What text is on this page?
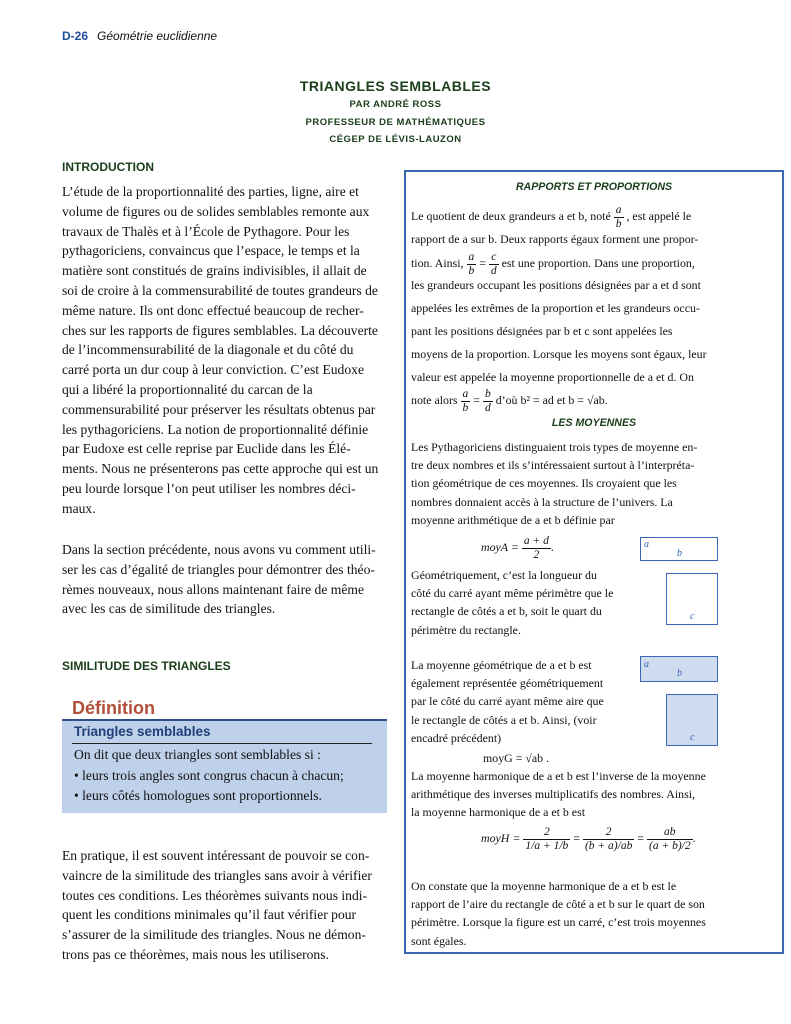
D-26 Géométrie euclidienne
TRIANGLES SEMBLABLES
PAR ANDRÉ ROSS
PROFESSEUR DE MATHÉMATIQUES
CÉGEP DE LÉVIS-LAUZON
INTRODUCTION
L’étude de la proportionnalité des parties, ligne, aire et
volume de figures ou de solides semblables remonte aux
travaux de Thalès et à l’École de Pythagore. Pour les
pythagoriciens, convaincus que l’espace, le temps et la
matière sont constitués de grains indivisibles, il allait de
soi de croire à la commensurabilité de toutes grandeurs de
même nature. Ils ont donc effectué beaucoup de recher-
ches sur les rapports de figures semblables. La découverte
de l’incommensurabilité de la diagonale et du côté du
carré porta un dur coup à leur conviction. C’est Eudoxe
qui a libéré la proportionnalité du carcan de la
commensurabilité pour préserver les résultats obtenus par
les pythagoriciens. La notion de proportionnalité définie
par Eudoxe est celle reprise par Euclide dans les Élé-
ments. Nous ne présenterons pas cette approche qui est un
peu lourde lorsque l’on peut utiliser les nombres déci-
maux.
Dans la section précédente, nous avons vu comment utili-
ser les cas d’égalité de triangles pour démontrer des théo-
rèmes nouveaux, nous allons maintenant faire de même
avec les cas de similitude des triangles.
SIMILITUDE DES TRIANGLES
Définition
Triangles semblables
On dit que deux triangles sont semblables si :
• leurs trois angles sont congrus chacun à chacun;
• leurs côtés homologues sont proportionnels.
En pratique, il est souvent intéressant de pouvoir se con-
vaincre de la similitude des triangles sans avoir à vérifier
toutes ces conditions. Les théorèmes suivants nous indi-
quent les conditions minimales qu’il faut vérifier pour
s’assurer de la similitude des triangles. Nous ne démon-
trons pas ce théorèmes, mais nous les utiliserons.
RAPPORTS ET PROPORTIONS
Le quotient de deux grandeurs a et b, noté $\frac{a}{b}$ , est appelé le
rapport de a sur b. Deux rapports égaux forment une propor-
tion. Ainsi, $\frac{a}{b} = \frac{c}{d}$ est une proportion. Dans une proportion,
les grandeurs occupant les positions désignées par a et d sont
appelées les extrêmes de la proportion et les grandeurs occu-
pant les positions désignées par b et c sont appelées les
moyens de la proportion. Lorsque les moyens sont égaux, leur
valeur est appelée la moyenne proportionnelle de a et d. On
note alors $\frac{a}{b} = \frac{b}{d}$ d’où b² = ad et b = √ab.
LES MOYENNES
Les Pythagoriciens distinguaient trois types de moyenne en-
tre deux nombres et ils s’intéressaient surtout à l’interpréta-
tion géométrique de ces moyennes. Ils croyaient que les
nombres donnaient accès à la structure de l’univers. La
moyenne arithmétique de a et b définie par
moyA = $\frac{a + d}{2}$ .
Géométriquement, c’est la longueur du
côté du carré ayant même périmètre que le
rectangle de côtés a et b, soit le quart du
périmètre du rectangle.
La moyenne géométrique de a et b est
également représentée géométriquement
par le côté du carré ayant même aire que
le rectangle de côtés a et b. Ainsi, (voir
encadré précédent)
moyG = √ab .
La moyenne harmonique de a et b est l’inverse de la moyenne
arithmétique des inverses multiplicatifs des nombres. Ainsi,
la moyenne harmonique de a et b est
moyH = $\frac{2}{1/a + 1/b} = \frac{2}{(b + a)/ab} = \frac{ab}{(a + b)/2}$ .
On constate que la moyenne harmonique de a et b est le
rapport de l’aire du rectangle de côté a et b sur le quart de son
périmètre. Lorsque la figure est un carré, c’est trois moyennes
sont égales.
a
b
c
a
b
c
